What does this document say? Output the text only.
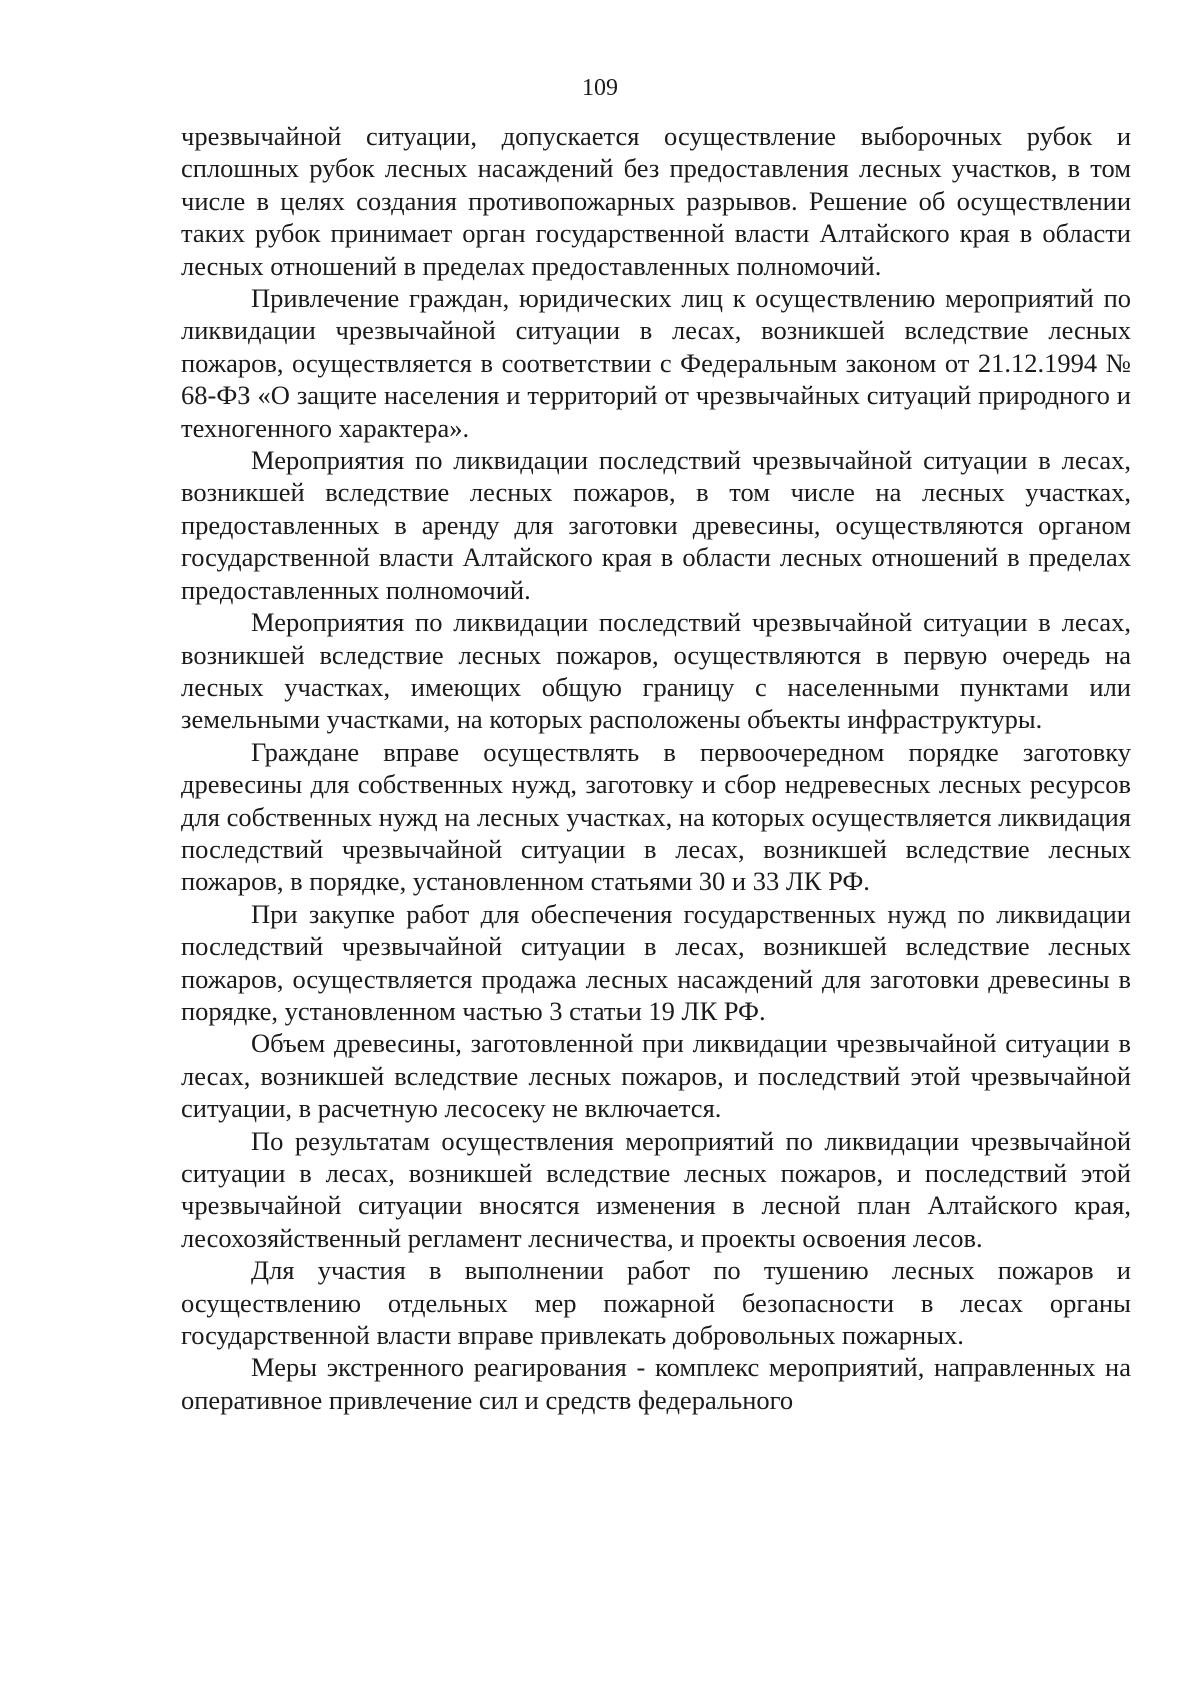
109

чрезвычайной ситуации, допускается осуществление выборочных рубок и сплошных рубок лесных насаждений без предоставления лесных участков, в том числе в целях создания противопожарных разрывов. Решение об осуществлении таких рубок принимает орган государственной власти Алтайского края в области лесных отношений в пределах предоставленных полномочий.

Привлечение граждан, юридических лиц к осуществлению мероприятий по ликвидации чрезвычайной ситуации в лесах, возникшей вследствие лесных пожаров, осуществляется в соответствии с Федеральным законом от 21.12.1994 № 68-ФЗ «О защите населения и территорий от чрезвычайных ситуаций природного и техногенного характера».

Мероприятия по ликвидации последствий чрезвычайной ситуации в лесах, возникшей вследствие лесных пожаров, в том числе на лесных участках, предоставленных в аренду для заготовки древесины, осуществляются органом государственной власти Алтайского края в области лесных отношений в пределах предоставленных полномочий.

Мероприятия по ликвидации последствий чрезвычайной ситуации в лесах, возникшей вследствие лесных пожаров, осуществляются в первую очередь на лесных участках, имеющих общую границу с населенными пунктами или земельными участками, на которых расположены объекты инфраструктуры.

Граждане вправе осуществлять в первоочередном порядке заготовку древесины для собственных нужд, заготовку и сбор недревесных лесных ресурсов для собственных нужд на лесных участках, на которых осуществляется ликвидация последствий чрезвычайной ситуации в лесах, возникшей вследствие лесных пожаров, в порядке, установленном статьями 30 и 33 ЛК РФ.

При закупке работ для обеспечения государственных нужд по ликвидации последствий чрезвычайной ситуации в лесах, возникшей вследствие лесных пожаров, осуществляется продажа лесных насаждений для заготовки древесины в порядке, установленном частью 3 статьи 19 ЛК РФ.

Объем древесины, заготовленной при ликвидации чрезвычайной ситуации в лесах, возникшей вследствие лесных пожаров, и последствий этой чрезвычайной ситуации, в расчетную лесосеку не включается.

По результатам осуществления мероприятий по ликвидации чрезвычайной ситуации в лесах, возникшей вследствие лесных пожаров, и последствий этой чрезвычайной ситуации вносятся изменения в лесной план Алтайского края, лесохозяйственный регламент лесничества, и проекты освоения лесов.

Для участия в выполнении работ по тушению лесных пожаров и осуществлению отдельных мер пожарной безопасности в лесах органы государственной власти вправе привлекать добровольных пожарных.

Меры экстренного реагирования - комплекс мероприятий, направленных на оперативное привлечение сил и средств федерального
